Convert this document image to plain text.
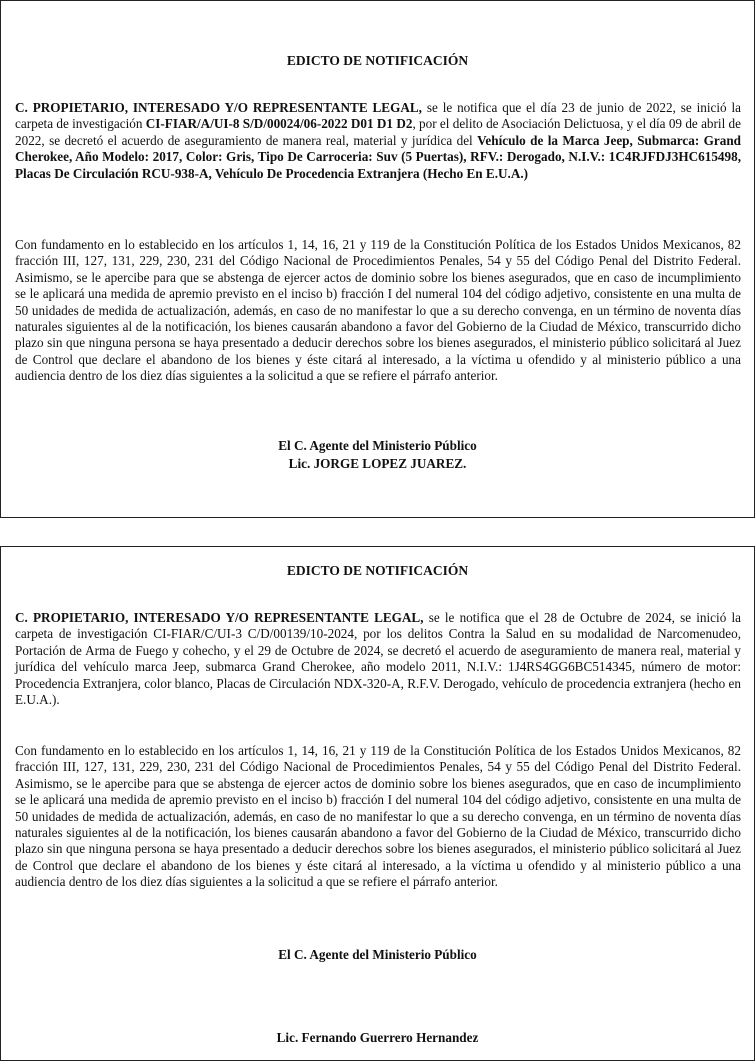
EDICTO DE NOTIFICACIÓN

C. PROPIETARIO, INTERESADO Y/O REPRESENTANTE LEGAL, se le notifica que el día 23 de junio de 2022, se inició la carpeta de investigación CI-FIAR/A/UI-8 S/D/00024/06-2022 D01 D1 D2, por el delito de Asociación Delictuosa, y el día 09 de abril de 2022, se decretó el acuerdo de aseguramiento de manera real, material y jurídica del Vehículo de la Marca Jeep, Submarca: Grand Cherokee, Año Modelo: 2017, Color: Gris, Tipo De Carroceria: Suv (5 Puertas), RFV.: Derogado, N.I.V.: 1C4RJFDJ3HC615498, Placas De Circulación RCU-938-A, Vehículo De Procedencia Extranjera (Hecho En E.U.A.)

Con fundamento en lo establecido en los artículos 1, 14, 16, 21 y 119 de la Constitución Política de los Estados Unidos Mexicanos, 82 fracción III, 127, 131, 229, 230, 231 del Código Nacional de Procedimientos Penales, 54 y 55 del Código Penal del Distrito Federal. Asimismo, se le apercibe para que se abstenga de ejercer actos de dominio sobre los bienes asegurados, que en caso de incumplimiento se le aplicará una medida de apremio previsto en el inciso b) fracción I del numeral 104 del código adjetivo, consistente en una multa de 50 unidades de medida de actualización, además, en caso de no manifestar lo que a su derecho convenga, en un término de noventa días naturales siguientes al de la notificación, los bienes causarán abandono a favor del Gobierno de la Ciudad de México, transcurrido dicho plazo sin que ninguna persona se haya presentado a deducir derechos sobre los bienes asegurados, el ministerio público solicitará al Juez de Control que declare el abandono de los bienes y éste citará al interesado, a la víctima u ofendido y al ministerio público a una audiencia dentro de los diez días siguientes a la solicitud a que se refiere el párrafo anterior.

El C. Agente del Ministerio Público
Lic. JORGE LOPEZ JUAREZ.
EDICTO DE NOTIFICACIÓN

C. PROPIETARIO, INTERESADO Y/O REPRESENTANTE LEGAL, se le notifica que el 28 de Octubre de 2024, se inició la carpeta de investigación CI-FIAR/C/UI-3 C/D/00139/10-2024, por los delitos Contra la Salud en su modalidad de Narcomenudeo, Portación de Arma de Fuego y cohecho, y el 29 de Octubre de 2024, se decretó el acuerdo de aseguramiento de manera real, material y jurídica del vehículo marca Jeep, submarca Grand Cherokee, año modelo 2011, N.I.V.: 1J4RS4GG6BC514345, número de motor: Procedencia Extranjera, color blanco, Placas de Circulación NDX-320-A, R.F.V. Derogado, vehículo de procedencia extranjera (hecho en E.U.A.).

Con fundamento en lo establecido en los artículos 1, 14, 16, 21 y 119 de la Constitución Política de los Estados Unidos Mexicanos, 82 fracción III, 127, 131, 229, 230, 231 del Código Nacional de Procedimientos Penales, 54 y 55 del Código Penal del Distrito Federal. Asimismo, se le apercibe para que se abstenga de ejercer actos de dominio sobre los bienes asegurados, que en caso de incumplimiento se le aplicará una medida de apremio previsto en el inciso b) fracción I del numeral 104 del código adjetivo, consistente en una multa de 50 unidades de medida de actualización, además, en caso de no manifestar lo que a su derecho convenga, en un término de noventa días naturales siguientes al de la notificación, los bienes causarán abandono a favor del Gobierno de la Ciudad de México, transcurrido dicho plazo sin que ninguna persona se haya presentado a deducir derechos sobre los bienes asegurados, el ministerio público solicitará al Juez de Control que declare el abandono de los bienes y éste citará al interesado, a la víctima u ofendido y al ministerio público a una audiencia dentro de los diez días siguientes a la solicitud a que se refiere el párrafo anterior.

El C. Agente del Ministerio Público
Lic. Fernando Guerrero Hernandez
